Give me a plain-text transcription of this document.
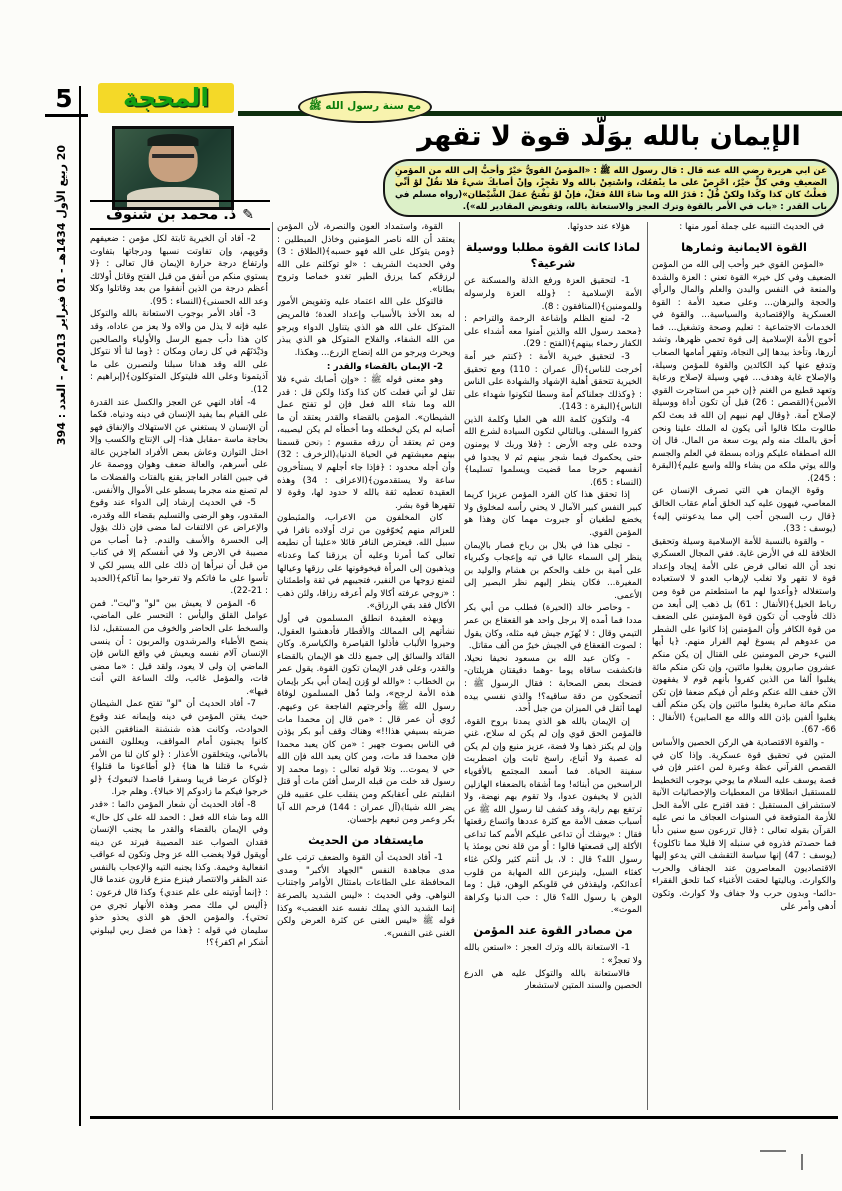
5
20 ربيع الأول 1434هـ - 01 فبراير 2013م - العدد : 394
المحجة	مع سنة رسول الله ﷺ
الإيمان بالله يوَلّد قوة لا تقهر
عن ابي هريرة رضي الله عنه قال : قال رسول الله ﷺ : «المؤمنُ القويُّ خيْرٌ وأحبُّ إلى الله من المؤمنِ الضعيفِ وفي كلٍّ خيْرٌ، احْرِصْ على ما ينْفعُك، واسْتعِنْ بالله ولا تعْجِزْ، وإنْ أصابكَ شيءٌ فلا تقُلْ لوْ أنِّي فعلْتُ كان كذا وكَذا ولكنْ قُلْ : قدَرُ الله وما شاءَ اللهُ فعَلْ، فإنْ لوْ تفْتحُ عمَلَ الشَّيْطان»(رواه مسلم في باب القدر : «باب في الأمر بالقوة وترك العجز والاستعانة بالله، وتفويض المقادير لله»).
✎
ذ. محمد بن شنوف
في الحديث التنبيه على جملة أمور منها :
القوة الايمانية وثمارها
«المؤمن القوي خير وأحب إلى الله من المؤمن الضعيف وفي كل خير» القوة تعني : العزة والشدة والمنعة في النفس والبدن والعلم والمال والرأي والحجة والبرهان... وعلى صعيد الأمة : القوة العسكرية والإقتصادية والسياسية... والقوة في الخدمات الاجتماعية : تعليم وصحة وتشغيل... فما أحوج الأمة الإسلامية إلى قوة تحمي ظهرها، وتشد أزرها، وتأخذ بيدها إلى النجاة، وتقهر أمامها الصعاب وتدفع عنها كيد الكائدين والقوة للمؤمن وسيلة، والإصلاح غاية وهدف... فهي وسيلة لإصلاح ورعاية وتعهد قطيع من الغنم ﴿إن خير من استاجرت القوي الأمين﴾(القصص : 26) قبل أن تكون أداة ووسيلة لإصلاح أمة. ﴿وقال لهم نبيهم إن الله قد بعث لكم طالوت ملكا قالوا أنى يكون له الملك علينا ونحن أحق بالملك منه ولم يوت سعة من المال. قال إن الله اصطفاه عليكم وزاده بسطة في العلم والجسم والله يوتي ملكه من يشاء والله واسع عليم﴾(البقرة : 245).
وقوة الإيمان هي التي تصرف الإنسان عن المعاصي، فيهون عليه كيد الخلق أمام عقاب الخالق ﴿قال رب السجن أحب إلي مما يدعونني إليه﴾(يوسف : 33).
- والقوة بالنسبة للأمة الإسلامية وسيلة وتحقيق الخلافة لله في الأرض غاية. ففي المجال العسكري نجد أن الله تعالى فرض على الأمة إيجاد وإعداد قوة لا تقهر ولا تغلب لإرهاب العدو لا لاستعباده واستغلاله ﴿وأعدوا لهم ما استطعتم من قوة ومن رباط الخيل﴾(الأنفال : 61) بل ذهب إلى أبعد من ذلك فأوجب أن تكون قوة المؤمنين على الضعف من قوة الكافر وأن المؤمنين إذا كانوا على الشطر من عدوهم لم يسوغ لهم الفرار منهم. ﴿يا أيها النبيء حرض المومنين على القتال إن يكن منكم عشرون صابرون يغلبوا مائتين، وإن تكن منكم مائة يغلبوا ألفا من الذين كفروا بأنهم قوم لا يفقهون الآن خفف الله عنكم وعلم أن فيكم ضعفا فإن تكن منكم مائة صابرة يغلبوا مائتين وإن يكن منكم ألف يغلبوا ألفين بإذن الله والله مع الصابين﴾ (الأنفال : 66- 67).
- والقوة الاقتصادية هي الركن الحصين والأساس المتين في تحقيق قوة عسكرية. وإذا كان في القصص القرآني عظة وعبرة لمن اعتبر فإن في قصة يوسف عليه السلام ما يوحي بوجوب التخطيط للمستقبل انطلاقا من المعطيات والإحصائيات الآنية لاستشراف المستقبل : فقد اقترح على الأمة الحل للأزمة المتوقعة في السنوات العجاف ما نص عليه القرآن بقوله تعالى : ﴿قال تزرعون سبع سنين دأبا فما حصدتم فذروه في سنبله إلا قليلا مما تاكلون﴾(يوسف : 47) إنها سياسة التقشف التي يدعو إليها الاقتصاديون المعاصرون عند الجفاف والحرب والكوارث. وباليتها لحقت الأغنياء كما تلحق الفقراء -دائما- وبدون حرب ولا جفاف ولا كوارث. وتكون أدهى وأمر على
هؤلاء عند حدوثها.
لماذا كانت القوة مطلبا ووسيلة شرعية؟
1- لتحقيق العزة ورفع الذلة والمسكنة عن الأمة الإسلامية : ﴿ولله العزة ولرسوله وللمومنين﴾(المنافقون : 8).
2- لمنع الظلم وإشاعة الرحمة والتراحم : ﴿محمد رسول الله والذين أمنوا معه أشداء على الكفار رحماء بينهم﴾(الفتح : 29).
3- لتحقيق خيرية الأمة : ﴿كنتم خير أمة أخرجت للناس﴾(آل عمران : 110) ومع تحقيق الخيرية تتحقق أهلية الإشهاد والشهادة على الناس : ﴿وكذلك جعلناكم أمة وسطا لتكونوا شهداء على الناس﴾(البقرة : 143).
4- ولتكون كلمة الله هي العليا وكلمة الذين كفروا السفلى. وبالتالي لتكون السيادة لشرع الله وحده على وجه الأرض : ﴿فلا وربك لا يومنون حتى يحكموك فيما شجر بينهم ثم لا يجدوا في أنفسهم حرجا مما قضيت ويسلموا تسليما﴾(النساء : 65).
إذا تحقق هذا كان الفرد المؤمن عزيزا كريما كبير النفس كبير الآمال لا يحني رأسه لمخلوق ولا يخضع لطغيان أو جبروت مهما كان وهذا هو المؤمن القوي.
- تجلى هذا في بلال بن رباح فصار بالإيمان ينظر إلى السماء عاليا في تيه وإعجاب وكبرياء على أمية بن خلف والحكم بن هشام والوليد بن المغيرة... فكان ينظر إليهم نظر البصير إلى الأعمى.
- وحاصر خالد (الحيرة) فطلب من أبي بكر مددا فما أمده إلا برجل واحد هو القعقاع بن عمر التيمي وقال : لا يُهزَم جيش فيه مثله، وكان يقول : لصوت القعقاع في الجيش خيرٌ من ألف مقاتل.
- وكان عبد الله بن مسعود نحيفا نحيلا، فانكشفت ساقاه يوما -وهما دقيقتان هزيلتان- فضحك بعض الصحابة : فقال الرسول ﷺ : أتضحكون من دقة ساقيه؟! والذي نفسي بيده لهما أثقل في الميزان من جبل أحد.
إن الإيمان بالله هو الذي يمدنا بروح القوة، فالمؤمن الحق قوي وإن لم يكن له سلاح، غني وإن لم يكنز ذهبا ولا فضة، عزيز منيع وإن لم يكن له عصبة ولا أتباع، راسخ ثابت وإن اضطربت سفينة الحياة. فما أسعد المجتمع بالأقوياء الراسخين من أبنائه! وما أشقاه بالضعفاء الهازلين الذين لا يخيفون عدوا، ولا تقوم بهم نهضة، ولا ترتفع بهم راية، وقد كشف لنا رسول الله ﷺ عن أسباب ضعف الأمة مع كثرة عددها واتساع رقعتها فقال : «يوشك أن تداعى عليكم الأمم كما تداعى الأكلة إلى قصعتها قالوا : أو من قلة نحن يومئذ يا رسول الله؟ قال : لا، بل أنتم كثير ولكن غثاء كغثاء السيل، ولينزعن الله المهابة من قلوب أعدائكم، وليقذفن في قلوبكم الوهن، قيل : وما الوهن يا رسول الله؟ قال : حب الدنيا وكراهة الموت».
من مصادر القوة عند المؤمن
1- الاستعانة بالله وترك العجز : «استعن بالله ولا تعجزْ» :
فالاستعانة بالله والتوكل عليه هي الدرع الحصين والسند المتين لاستشعار
القوة، واستمداد العون والنصرة، لأن المؤمن يعتقد أن الله ناصر المؤمنين وخاذل المبطلين : ﴿ومن يتوكل على الله فهو حسبه﴾(الطلاق : 3) وفي الحديث الشريف : «لو توكلتم على الله لرزقكم كما يرزق الطير تغدو خماصا وتروح بطانا».
فالتوكل على الله اعتماد عليه وتفويض الأمور له بعد الأخذ بالأسباب وإعداد العدة؛ فالمريض المتوكل على الله هو الذي يتناول الدواء ويرجو من الله الشفاء، والفلاح المتوكل هو الذي يبذر ويحرث ويرجو من الله إنضاج الزرع... وهكذا.
2- الإيمان بالقضاء والقدر :
وهو معنى قوله ﷺ : «وإن أصابك شيء فلا تقل لو أني فعلت كان كذا وكذا ولكن قل : قدر الله وما شاء الله فعل فإن لو تفتح عمل الشيطان». المؤمن بالقضاء والقدر يعتقد أن ما أصابه لم يكن ليخطئه وما أخطأه لم يكن ليصيبه، ومن ثم يعتقد أن رزقه مقسوم : ﴿نحن قسمنا بينهم معيشتهم في الحياة الدنيا﴾(الزخرف : 32) وأن أجله محدود : ﴿فإذا جاء أجلهم لا يستأخرون ساعة ولا يستقدمون﴾(الاعراف : 34) وهذه العقيدة تعطيه ثقة بالله لا حدود لها، وقوة لا تقهرها قوة بشر.
كان المخلفون من الاعراب، والمثبطون للعزائم منهم يُخوّفون من ترك أولاده نافرا في سبيل الله. فيعترض النافر قائلا «علينا أن نطيعه تعالى كما أمرنا وعليه أن يرزقنا كما وعدنا» ويذهبون إلى المرأة فيخوفونها على رزقها وعيالها لتمنع زوجها من النفير، فتجيبهم في ثقة واطمئنان : «زوجي عرفته أكالا ولم أعرفه رزاقا، ولئن ذهب الأكال فقد بقي الرزاق».
وبهذه العقيدة انطلق المسلمون في أول نشأتهم إلى الممالك والأقطار فأدهشوا العقول، وحيروا الألباب فأذلوا القياصرة والكياسرة. وكان القائد والسائق إلى جميع ذلك هو الإيمان بالقضاء والقدر، وعلى قدر الإيمان تكون القوة. يقول عمر بن الخطاب : «والله لو وُزن إيمان أبي بكر بإيمان هذه الأمة لرجح»، ولما ذُهل المسلمون لوفاة رسول الله ﷺ وأخرجتهم الفاجعة عن وعيهم. رُوي أن عمر قال : «من قال إن محمدا مات ضربته بسيفي هذا!!» وهناك وقف أبو بكر يؤذن في الناس بصوت جهير : «من كان يعبد محمدا فإن محمدا قد مات، ومن كان يعبد الله فإن الله حي لا يموت... وتلا قوله تعالى : ﴿وما محمد إلا رسول قد خلت من قبله الرسل أفئن مات أو قتل انقلبتم على أعقابكم ومن ينقلب على عقبيه فلن يضر الله شيئا﴾(آل عمران : 144) فرحم الله آبا بكر وعمر ومن تبعهم بإحسان.
مايستفاد من الحديث
1- أفاد الحديث أن القوة والضعف ترتب على مدى مجاهدة النفس "الجهاد الأكبر" ومدى المحافظة على الطاعات بامتثال الأوامر واجتناب النواهي. وفي الحديث : «ليس الشديد بالصرعة إنما الشديد الذي يملك نفسه عند الغضب» وكذا قوله ﷺ «ليس الغنى عن كثرة العرض ولكن الغنى غنى النفس».
2- أفاد أن الخيرية ثابتة لكل مؤمن : ضعيفهم وقويهم، وإن تفاوتت نسبها ودرجاتها بتفاوت وارتفاع درجة حرارة الإيمان قال تعالى : ﴿لا يستوي منكم من أنفق من قبل الفتح وقاتل أولائك أعظم درجة من الذين أنفقوا من بعد وقاتلوا وكلا وعد الله الحسنى﴾(النساء : 95).
3- أفاد الأمر بوجوب الاستعانة بالله والتوكل عليه فإنه لا يذل من والاه ولا يعز من عاداه، وقد كان هذا دأب جميع الرسل والأولياء والصالحين ودَيْدَنَهُم في كل زمان ومكان : ﴿وما لنا ألا نتوكل على الله وقد هدانا سبلنا ولنصبرن على ما آذيتمونا وعلى الله فليتوكل المتوكلون﴾(إبراهيم : 12).
4- أفاد النهي عن العجز والكسل عند القدرة على القيام بما يفيد الإنسان في دينه ودنياه. فكما أن الإنسان لا يستغني عن الاستهلاك والإنفاق فهو بحاجة ماسة -مقابل هذا- إلى الإنتاج والكسب وإلا اختل التوازن وعاش بعض الأفراد العاجزين عالة على أسرهم، والعالة ضعف وهوان ووصمة عار في جبين القادر العاجز يقنع بالفتات والفضلات ما لم تصنع منه مجرما يسطو على الأموال والأنفس.
5- في الحديث إرشاد إلى الدواء عند وقوع المقدور، وهو الرضى والتسليم بقضاء الله وقدره، والإعراض عن الالتفات لما مضى فإن ذلك يؤول إلى الحسرة والأسف والندم. ﴿ما أصاب من مصيبة في الارض ولا في أنفسكم إلا في كتاب من قبل أن نبرأها إن ذلك على الله يسير لكي لا تأسوا على ما فاتكم ولا تفرحوا بما آتاكم﴾(الحديد : 21-22).
6- المؤمن لا يعيش بين "لو" و"ليت". فمن عوامل القلق واليأس : التحسر على الماضي، والسخط على الحاضر والخوف من المستقبل، لذا ينصح الأطباء والمرشدون والمربون : أن ينسى الإنسان آلام نفسه ويعيش في واقع الناس فإن الماضي إن ولى لا يعود، ولقد قيل : «ما مضى فات، والمؤمل غائب، ولك الساعة التي أنت فيها».
7- أفاد الحديث أن "لو" تفتح عمل الشيطان حيث يفتن المؤمن في دينه وإيمانه عند وقوع الحوادث، وكانت هذه شنشنة المنافقين الذين كانوا يجبنون أمام المواقف، ويعللون النفس بالأماني، ويتخلقون الأعذار : ﴿لو كان لنا من الأمر شيء ما قتلنا ها هنا﴾ ﴿لو أطاعونا ما قتلوا﴾ ﴿لوكان عرضا قريبا وسفرا قاصدا لاتبعوك﴾ ﴿لو خرجوا فيكم ما زادوكم إلا خبالا﴾. وهلم جرا.
8- أفاد الحديث أن شعار المؤمن دائما : «قدر الله وما شاء الله فعل : الحمد لله على كل حال» وفي الإيمان بالقضاء والقدر ما يجنب الإنسان فقدان الصواب عند المصيبة فيرتد عن دينه أويقول قولا يغضب الله عز وجل وتكون له عواقب انفعالية وخيمة. وكذا يجنبه التيه والإعجاب بالنفس عند الظفر والانتصار فينزع منزع قارون عندما قال : ﴿إنما أوتيته على علم عندي﴾ وكذا قال فرعون : ﴿أليس لي ملك مصر وهذه الأنهار تجري من تحتي﴾. والمؤمن الحق هو الذي يحذو حذو سليمان في قوله : ﴿هذا من فضل ربي ليبلوني أشكر ام اكفر﴾؟!
